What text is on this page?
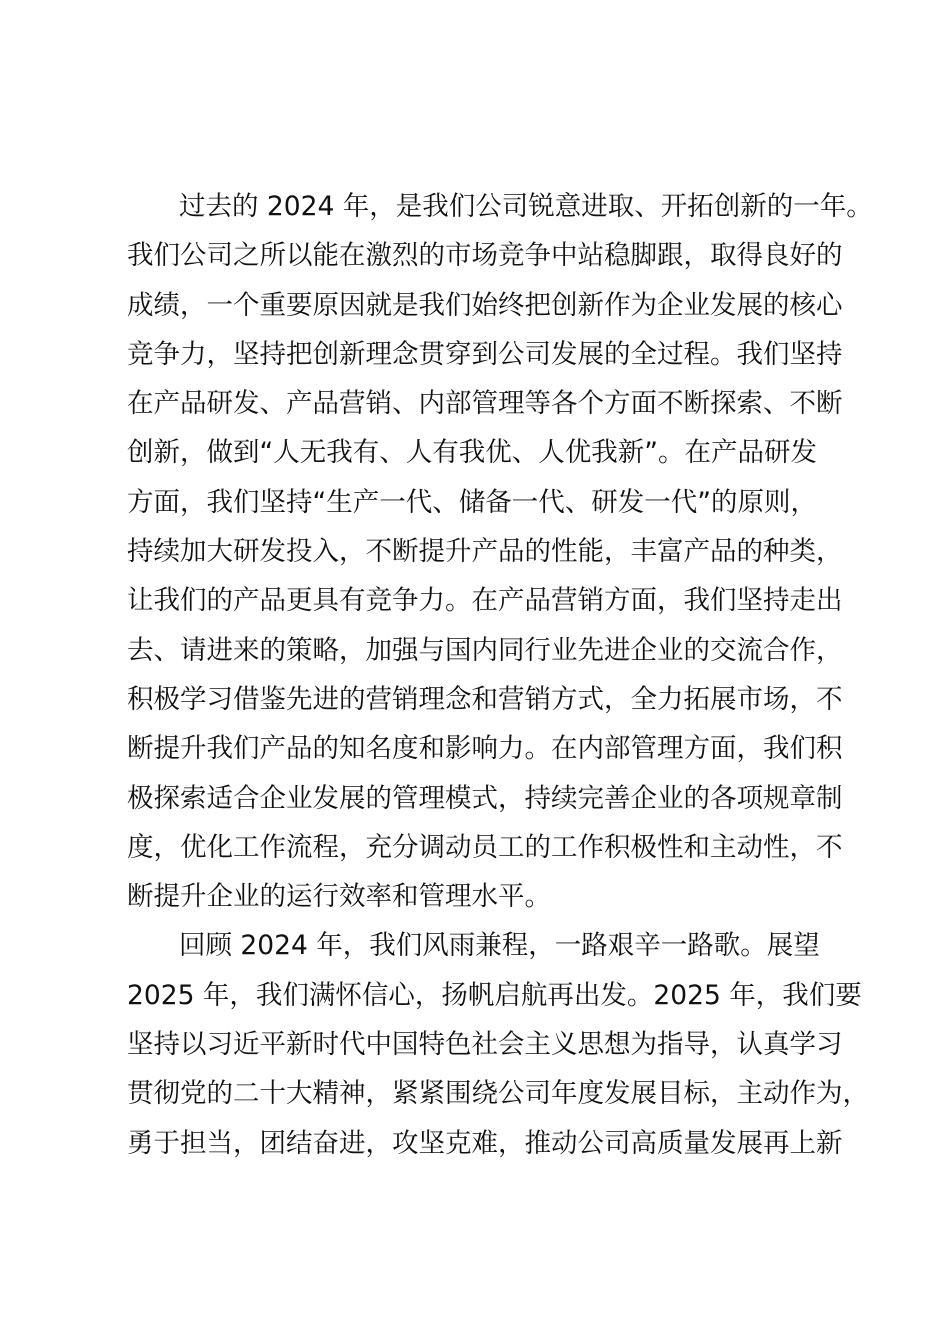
过去的 2024 年，是我们公司锐意进取、开拓创新的一年。
我们公司之所以能在激烈的市场竞争中站稳脚跟，取得良好的
成绩，一个重要原因就是我们始终把创新作为企业发展的核心
竞争力，坚持把创新理念贯穿到公司发展的全过程。我们坚持
在产品研发、产品营销、内部管理等各个方面不断探索、不断
创新，做到“人无我有、人有我优、人优我新”。在产品研发
方面，我们坚持“生产一代、储备一代、研发一代”的原则，
持续加大研发投入，不断提升产品的性能，丰富产品的种类，
让我们的产品更具有竞争力。在产品营销方面，我们坚持走出
去、请进来的策略，加强与国内同行业先进企业的交流合作，
积极学习借鉴先进的营销理念和营销方式，全力拓展市场，不
断提升我们产品的知名度和影响力。在内部管理方面，我们积
极探索适合企业发展的管理模式，持续完善企业的各项规章制
度，优化工作流程，充分调动员工的工作积极性和主动性，不
断提升企业的运行效率和管理水平。
回顾 2024 年，我们风雨兼程，一路艰辛一路歌。展望
2025 年，我们满怀信心，扬帆启航再出发。2025 年，我们要
坚持以习近平新时代中国特色社会主义思想为指导，认真学习
贯彻党的二十大精神，紧紧围绕公司年度发展目标，主动作为，
勇于担当，团结奋进，攻坚克难，推动公司高质量发展再上新
